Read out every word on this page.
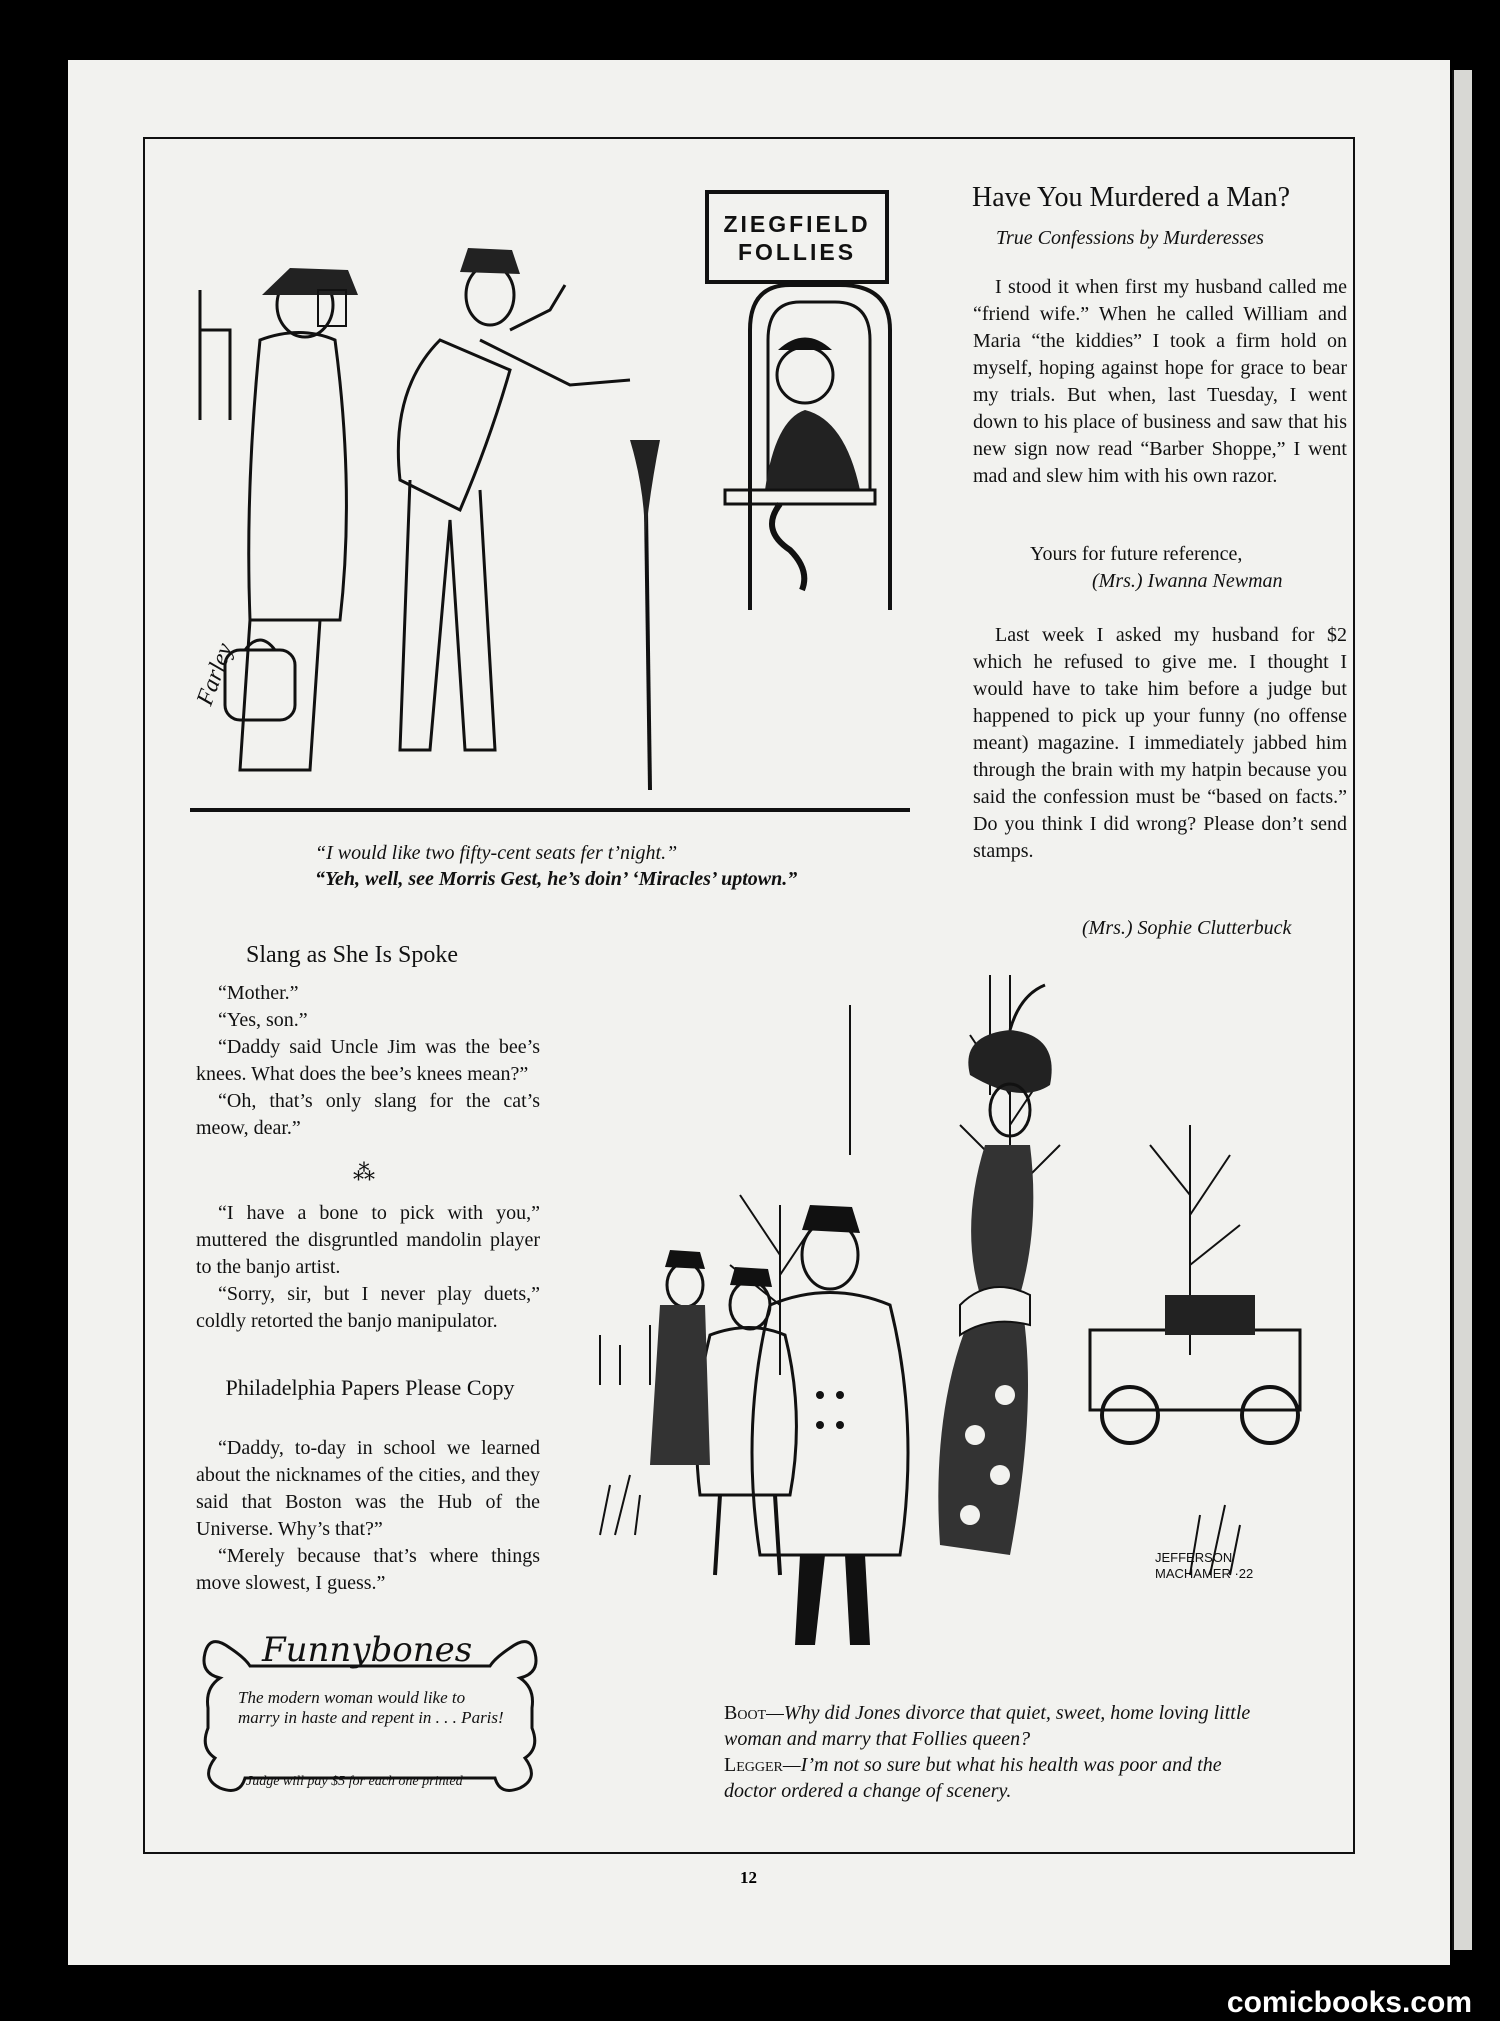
ZIEGFIELD
FOLLIES
Farley
“I would like two fifty-cent seats fer t’night.”
“Yeh, well, see Morris Gest, he’s doin’ ‘Miracles’ uptown.”
Have You Murdered a Man?
True Confessions by Murderesses

I stood it when first my husband called me “friend wife.” When he called William and Maria “the kiddies” I took a firm hold on myself, hoping against hope for grace to bear my trials. But when, last Tuesday, I went down to his place of business and saw that his new sign now read “Barber Shoppe,” I went mad and slew him with his own razor.

Yours for future reference,
(Mrs.) Iwanna Newman

Last week I asked my husband for $2 which he refused to give me. I thought I would have to take him before a judge but happened to pick up your funny (no offense meant) magazine. I immediately jabbed him through the brain with my hatpin because you said the confession must be “based on facts.” Do you think I did wrong? Please don’t send stamps.

(Mrs.) Sophie Clutterbuck
Slang as She Is Spoke

“Mother.”

“Yes, son.”

“Daddy said Uncle Jim was the bee’s knees. What does the bee’s knees mean?”

“Oh, that’s only slang for the cat’s meow, dear.”

⁂

“I have a bone to pick with you,” muttered the disgruntled mandolin player to the banjo artist.

“Sorry, sir, but I never play duets,” coldly retorted the banjo manipulator.

Philadelphia Papers Please Copy

“Daddy, to-day in school we learned about the nicknames of the cities, and they said that Boston was the Hub of the Universe. Why’s that?”

“Merely because that’s where things move slowest, I guess.”

Funnybones
The modern woman would like to marry in haste and repent in . . . Paris!
Judge will pay $5 for each one printed
JEFFERSON MACHAMER ·22
Boot—Why did Jones divorce that quiet, sweet, home loving little woman and marry that Follies queen?
Legger—I’m not so sure but what his health was poor and the doctor ordered a change of scenery.
12
comicbooks.com
